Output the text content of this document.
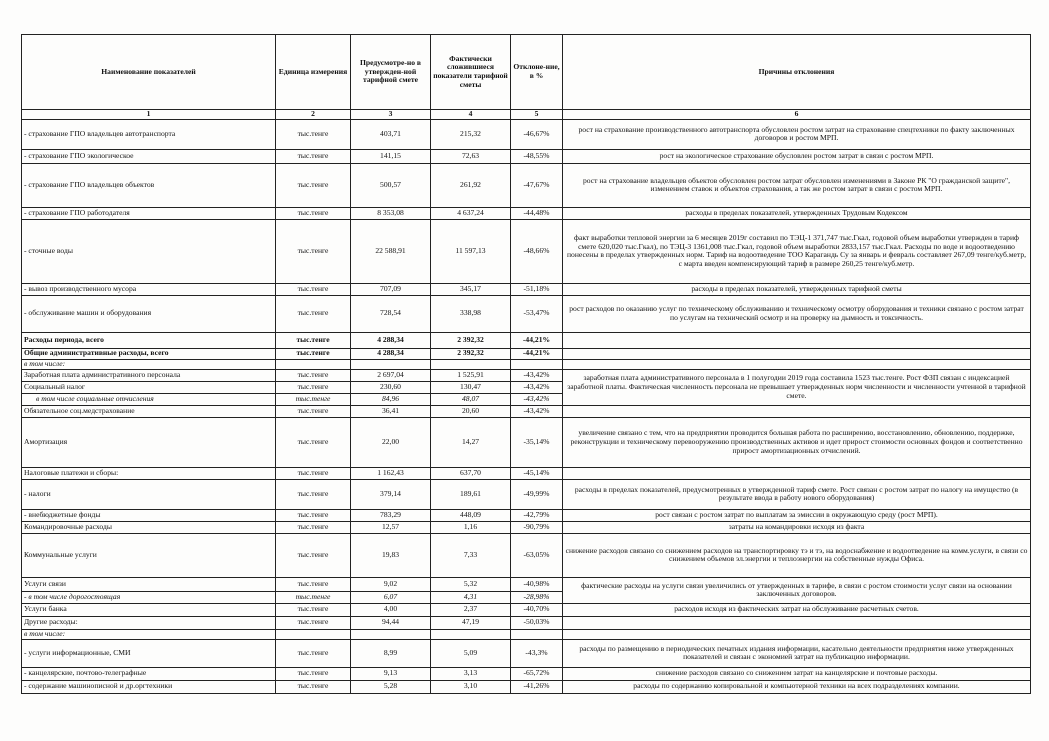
Наименование показателей	Единица измерения	Предусмотре-но в утвержден-ной тарифной смете	Фактически сложившиеся показатели тарифной сметы	Отклоне-ние, в %	Причины отклонения
1	2	3	4	5	6
- страхование ГПО владельцев автотранспорта	тыс.тенге	403,71	215,32	-46,67%	рост на страхование производственного автотранспорта обусловлен ростом затрат на страхование спецтехники по факту заключенных договоров и ростом МРП.
- страхование ГПО экологическое	тыс.тенге	141,15	72,63	-48,55%	рост на экологическое страхование обусловлен ростом затрат в связи с ростом МРП.
- страхование ГПО владельцев объектов	тыс.тенге	500,57	261,92	-47,67%	рост на страхование владельцев объектов обусловлен ростом затрат обусловлен изменениями в Законе РК "О гражданской защите", изменением ставок и объектов страхования, а так же ростом затрат в связи с ростом МРП.
- страхование ГПО работодателя	тыс.тенге	8 353,08	4 637,24	-44,48%	расходы в пределах показателей, утвержденных Трудовым Кодексом
- сточные воды	тыс.тенге	22 588,91	11 597,13	-48,66%	факт выработки тепловой энергии за 6 месяцев 2019г составил по ТЭЦ-1 371,747 тыс.Гкал, годовой объем выработки утвержден в тариф смете 620,020 тыс.Гкал), по ТЭЦ-3 1361,008 тыс.Гкал, годовой объем выработки 2833,157 тыс.Гкал. Расходы по воде и водоотведению понесены в пределах утвержденных норм. Тариф на водоотведение ТОО Карагандь Су за январь и февраль составляет 267,09 тенге/куб.метр, с марта введен компенсирующий тариф в размере 260,25 тенге/куб.метр.
- вывоз производственного мусора	тыс.тенге	707,09	345,17	-51,18%	расходы в пределах показателей, утвержденных тарифной сметы
- обслуживание машин и оборудования	тыс.тенге	728,54	338,98	-53,47%	рост расходов по оказанию услуг по техническому обслуживанию и техническому осмотру оборудования и техники связано с ростом затрат по услугам на технический осмотр и на проверку на дымность и токсичность.
Расходы периода, всего	тыс.тенге	4 288,34	2 392,32	-44,21%	
Общие административные расходы, всего	тыс.тенге	4 288,34	2 392,32	-44,21%	
в том числе:					
Заработная плата административного персонала	тыс.тенге	2 697,04	1 525,91	-43,42%	заработная плата административного персонала в 1 полугодии 2019 года составила 1523 тыс.тенге. Рост ФЗП связан с индексацией заработной платы. Фактическая численность персонала не превышает утвержденных норм численности и численности учтенной в тарифной смете.
Социальный налог	тыс.тенге	230,60	130,47	-43,42%	
в том числе социальные отчисления	тыс.тенге	84,96	48,07	-43,42%	
Обязательное соц.медстрахование	тыс.тенге	36,41	20,60	-43,42%	
Амортизация	тыс.тенге	22,00	14,27	-35,14%	увеличение связано с тем, что на предприятии проводится большая работа по расширению, восстановлению, обновлению, поддержке, реконструкции и техническому перевооружению производственных активов и идет прирост стоимости основных фондов и соответственно прирост амортизационных отчислений.
Налоговые платежи и сборы:	тыс.тенге	1 162,43	637,70	-45,14%	
- налоги	тыс.тенге	379,14	189,61	-49,99%	расходы в пределах показателей, предусмотренных в утвержденной тариф смете. Рост связан с ростом затрат по налогу на имущество (в результате ввода в работу нового оборудования)
- внебюджетные фонды	тыс.тенге	783,29	448,09	-42,79%	рост связан с ростом затрат по выплатам за эмиссии в окружающую среду (рост МРП).
Командировочные расходы	тыс.тенге	12,57	1,16	-90,79%	затраты на командировки исходя из факта
Коммунальные услуги	тыс.тенге	19,83	7,33	-63,05%	снижение расходов связано со снижением расходов на транспортировку тэ и тэ, на водоснабжение и водоотведение на комм.услуги, в связи со снижением объемов эл.энергии и теплоэнергии на собственные нужды Офиса.
Услуги связи	тыс.тенге	9,02	5,32	-40,98%	фактические расходы на услуги связи увеличились от утвержденных в тарифе, в связи с ростом стоимости услуг связи на основании заключенных договоров.
- в том числе дорогостоящая	тыс.тенге	6,07	4,31	-28,98%	
Услуги банка	тыс.тенге	4,00	2,37	-40,70%	расходов исходя из фактических затрат на обслуживание расчетных счетов.
Другие расходы:	тыс.тенге	94,44	47,19	-50,03%	
в том числе:					
- услуги информационные, СМИ	тыс.тенге	8,99	5,09	-43,3%	расходы по размещению в периодических печатных издания информации, касательно деятельности предприятия ниже утвержденных показателей и связан с экономией затрат на публикацию информации.
- канцелярские, почтово-телеграфные	тыс.тенге	9,13	3,13	-65,72%	снижение расходов связано со снижением затрат на канцелярские и почтовые расходы.
- содержание машинописной и др.оргтехники	тыс.тенге	5,28	3,10	-41,26%	расходы по содержанию копировальной и компьютерной техники на всех подразделениях компании.
